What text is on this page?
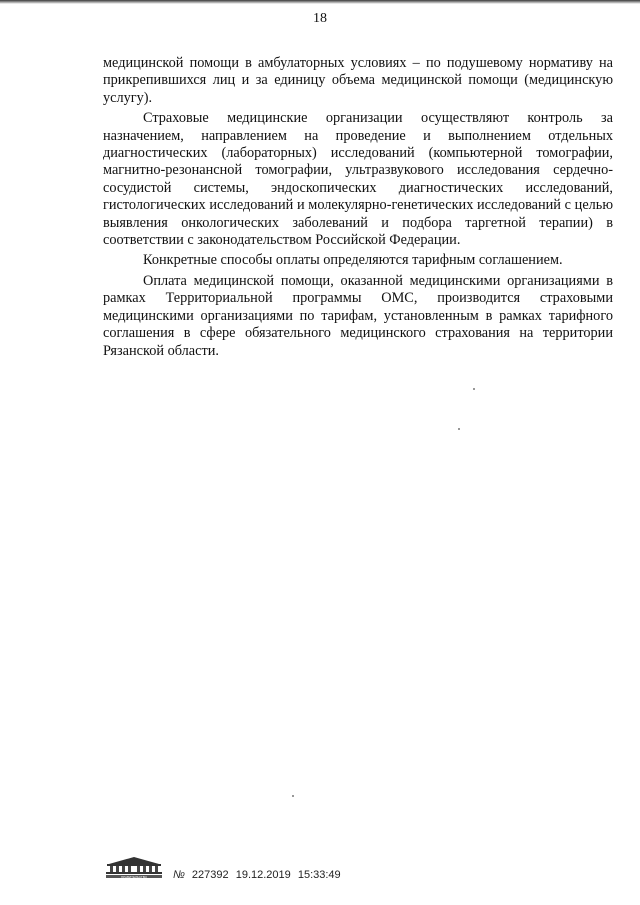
18

медицинской помощи в амбулаторных условиях – по подушевому нормативу на прикрепившихся лиц и за единицу объема медицинской помощи (медицинскую услугу).

Страховые медицинские организации осуществляют контроль за назначением, направлением на проведение и выполнением отдельных диагностических (лабораторных) исследований (компьютерной томографии, магнитно-резонансной томографии, ультразвукового исследования сердечно-сосудистой системы, эндоскопических диагностических исследований, гистологических исследований и молекулярно-генетических исследований с целью выявления онкологических заболеваний и подбора таргетной терапии) в соответствии с законодательством Российской Федерации.

Конкретные способы оплаты определяются тарифным соглашением.

Оплата медицинской помощи, оказанной медицинскими организациями в рамках Территориальной программы ОМС, производится страховыми медицинскими организациями по тарифам, установленным в рамках тарифного соглашения в сфере обязательного медицинского страхования на территории Рязанской области.

ПРАВИТЕЛЬСТВО № 227392 19.12.2019 15:33:49
